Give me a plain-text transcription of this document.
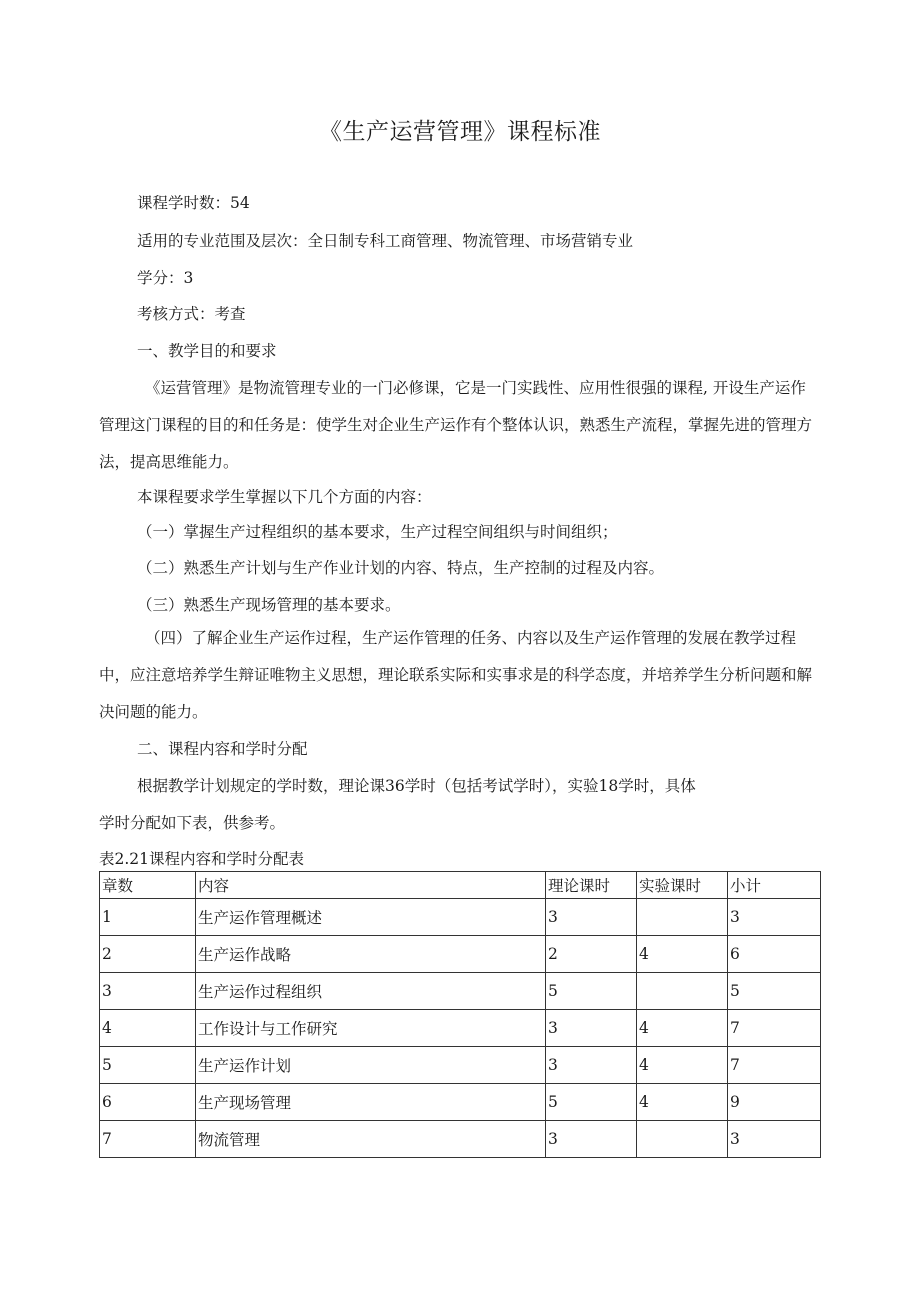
《生产运营管理》课程标准
课程学时数：54
适用的专业范围及层次：全日制专科工商管理、物流管理、市场营销专业
学分：3
考核方式：考查
一、教学目的和要求
《运营管理》是物流管理专业的一门必修课，它是一门实践性、应用性很强的课程, 开设生产运作管理这门课程的目的和任务是：使学生对企业生产运作有个整体认识，熟悉生产流程，掌握先进的管理方法，提高思维能力。
本课程要求学生掌握以下几个方面的内容：
（一）掌握生产过程组织的基本要求，生产过程空间组织与时间组织；
（二）熟悉生产计划与生产作业计划的内容、特点，生产控制的过程及内容。
（三）熟悉生产现场管理的基本要求。
（四）了解企业生产运作过程，生产运作管理的任务、内容以及生产运作管理的发展在教学过程中，应注意培养学生辩证唯物主义思想，理论联系实际和实事求是的科学态度，并培养学生分析问题和解决问题的能力。
二、课程内容和学时分配
根据教学计划规定的学时数，理论课36学时（包括考试学时），实验18学时，具体
学时分配如下表，供参考。
表2.21课程内容和学时分配表
章数	内容	理论课时	实验课时	小计
1	生产运作管理概述	3		3
2	生产运作战略	2	4	6
3	生产运作过程组织	5		5
4	工作设计与工作研究	3	4	7
5	生产运作计划	3	4	7
6	生产现场管理	5	4	9
7	物流管理	3		3
